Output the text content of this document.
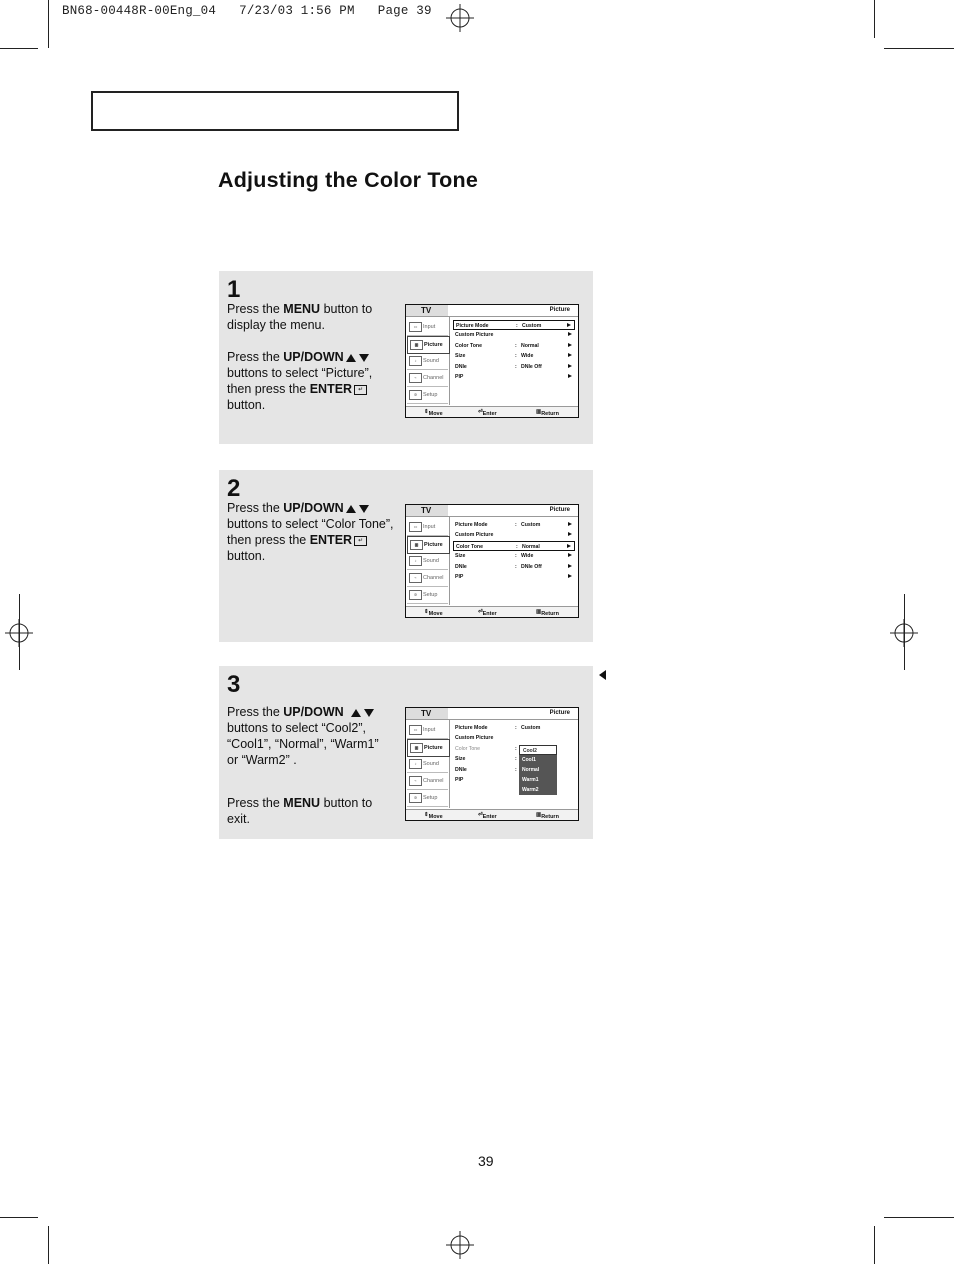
BN68-00448R-00Eng_04   7/23/03 1:56 PM   Page 39
Adjusting the Color Tone
1

Press the MENU button to display the menu.

Press the UP/DOWN buttons to select “Picture”, then press the ENTER ↵
button.

TV	Picture
▭	Input
▥	Picture
♪	Sound
⌁	Channel
✲	Setup
Picture Mode	: Custom
Custom Picture
Color Tone	: Normal
Size	: Wide
DNIe	: DNIe Off
PIP
⇕ Move	⏎ Enter	▥ Return
2

Press the UP/DOWN buttons to select “Color Tone”, then press the ENTER ↵
button.

TV	Picture
▭	Input
▥	Picture
♪	Sound
⌁	Channel
✲	Setup
Picture Mode	: Custom
Custom Picture
Color Tone	: Normal
Size	: Wide
DNIe	: DNIe Off
PIP
⇕ Move	⏎ Enter	▥ Return
3

Press the UP/DOWN   buttons to select “Cool2”, “Cool1”, “Normal”, “Warm1” or “Warm2” .

Press the MENU button to exit.

TV	Picture
▭	Input
▥	Picture
♪	Sound
⌁	Channel
✲	Setup
Picture Mode	: Custom
Custom Picture
Color Tone	:
Size	:
DNIe	:
PIP
Cool2
Cool1
Normal
Warm1
Warm2
⇕ Move	⏎ Enter	▥ Return
39
